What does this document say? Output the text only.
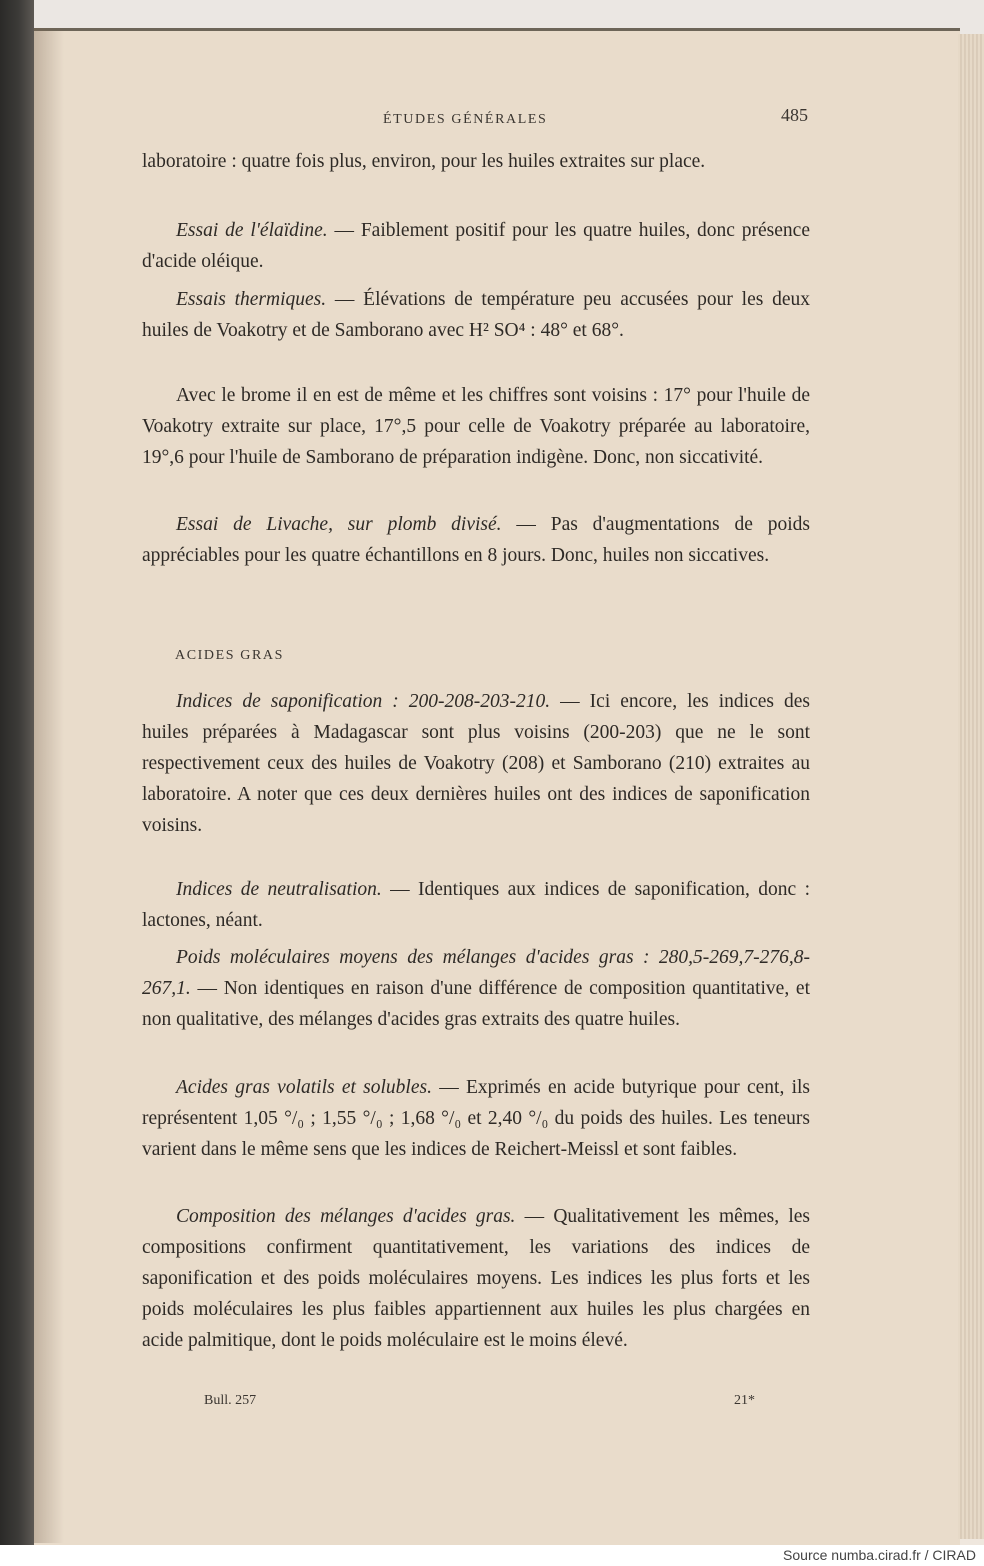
ÉTUDES GÉNÉRALES	485

laboratoire : quatre fois plus, environ, pour les huiles extraites sur place.

Essai de l'élaïdine. — Faiblement positif pour les quatre huiles, donc présence d'acide oléique.

Essais thermiques. — Élévations de température peu accusées pour les deux huiles de Voakotry et de Samborano avec H² SO⁴ : 48° et 68°.

Avec le brome il en est de même et les chiffres sont voisins : 17° pour l'huile de Voakotry extraite sur place, 17°,5 pour celle de Voakotry préparée au laboratoire, 19°,6 pour l'huile de Samborano de préparation indigène. Donc, non siccativité.

Essai de Livache, sur plomb divisé. — Pas d'augmentations de poids appréciables pour les quatre échantillons en 8 jours. Donc, huiles non siccatives.

ACIDES GRAS

Indices de saponification : 200-208-203-210. — Ici encore, les indices des huiles préparées à Madagascar sont plus voisins (200-203) que ne le sont respectivement ceux des huiles de Voakotry (208) et Samborano (210) extraites au laboratoire. A noter que ces deux dernières huiles ont des indices de saponification voisins.

Indices de neutralisation. — Identiques aux indices de saponification, donc : lactones, néant.

Poids moléculaires moyens des mélanges d'acides gras : 280,5-269,7-276,8-267,1. — Non identiques en raison d'une différence de composition quantitative, et non qualitative, des mélanges d'acides gras extraits des quatre huiles.

Acides gras volatils et solubles. — Exprimés en acide butyrique pour cent, ils représentent 1,05 °/₀ ; 1,55 °/₀ ; 1,68 °/₀ et 2,40 °/₀ du poids des huiles. Les teneurs varient dans le même sens que les indices de Reichert-Meissl et sont faibles.

Composition des mélanges d'acides gras. — Qualitativement les mêmes, les compositions confirment quantitativement, les variations des indices de saponification et des poids moléculaires moyens. Les indices les plus forts et les poids moléculaires les plus faibles appartiennent aux huiles les plus chargées en acide palmitique, dont le poids moléculaire est le moins élevé.

Bull. 257	21*
Source numba.cirad.fr / CIRAD
